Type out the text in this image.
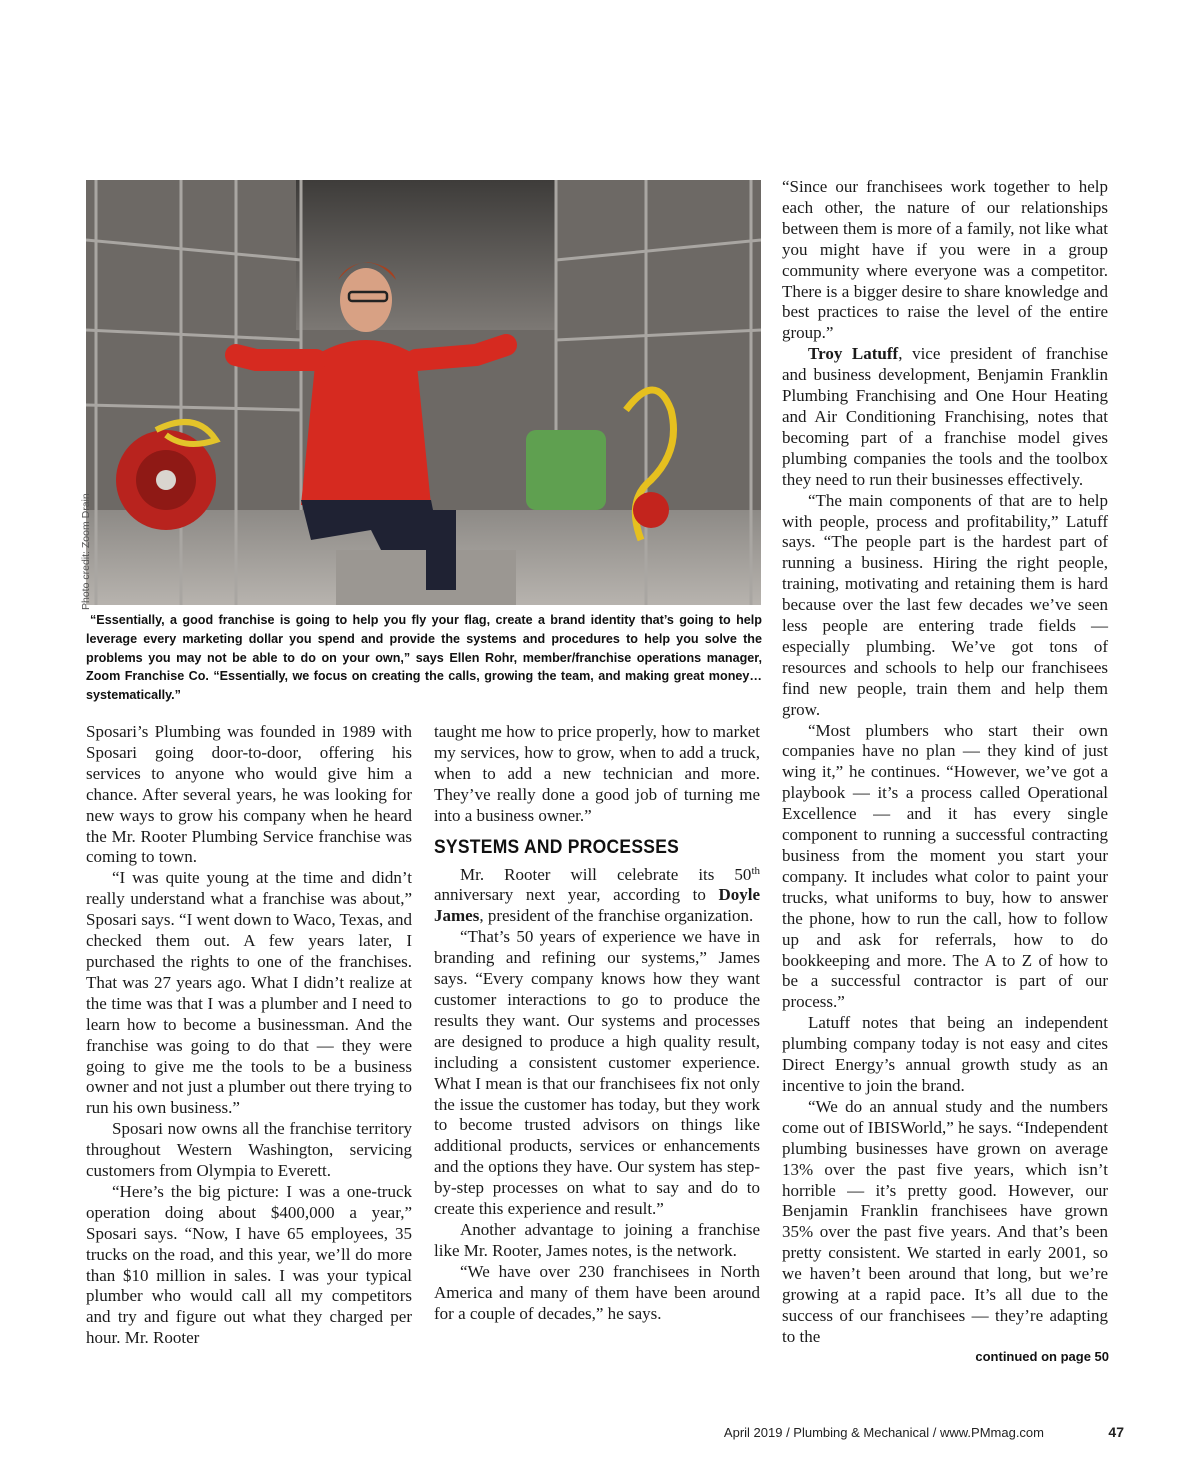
Photo credit: Zoom Drain
“Essentially, a good franchise is going to help you fly your flag, create a brand identity that’s going to help leverage every marketing dollar you spend and provide the systems and procedures to help you solve the problems you may not be able to do on your own,” says Ellen Rohr, member/franchise operations manager, Zoom Franchise Co. “Essentially, we focus on creating the calls, growing the team, and making great money… systematically.”

Sposari’s Plumbing was founded in 1989 with Sposari going door-to-door, offering his services to anyone who would give him a chance. After several years, he was looking for new ways to grow his company when he heard the Mr. Rooter Plumbing Service franchise was coming to town.

“I was quite young at the time and didn’t really understand what a franchise was about,” Sposari says. “I went down to Waco, Texas, and checked them out. A few years later, I purchased the rights to one of the franchises. That was 27 years ago. What I didn’t realize at the time was that I was a plumber and I need to learn how to become a businessman. And the franchise was going to do that — they were going to give me the tools to be a business owner and not just a plumber out there trying to run his own business.”

Sposari now owns all the franchise territory throughout Western Washington, servicing customers from Olympia to Everett.

“Here’s the big picture: I was a one-truck operation doing about $400,000 a year,” Sposari says. “Now, I have 65 employees, 35 trucks on the road, and this year, we’ll do more than $10 million in sales. I was your typical plumber who would call all my competitors and try and figure out what they charged per hour. Mr. Rooter

taught me how to price properly, how to market my services, how to grow, when to add a truck, when to add a new technician and more. They’ve really done a good job of turning me into a business owner.”

SYSTEMS AND PROCESSES

Mr. Rooter will celebrate its 50th anniversary next year, according to Doyle James, president of the franchise organization.

“That’s 50 years of experience we have in branding and refining our systems,” James says. “Every company knows how they want customer interactions to go to produce the results they want. Our systems and processes are designed to produce a high quality result, including a consistent customer experience. What I mean is that our franchisees fix not only the issue the customer has today, but they work to become trusted advisors on things like additional products, services or enhancements and the options they have. Our system has step-by-step processes on what to say and do to create this experience and result.”

Another advantage to joining a franchise like Mr. Rooter, James notes, is the network.

“We have over 230 franchisees in North America and many of them have been around for a couple of decades,” he says.

“Since our franchisees work together to help each other, the nature of our relationships between them is more of a family, not like what you might have if you were in a group community where everyone was a competitor. There is a bigger desire to share knowledge and best practices to raise the level of the entire group.”

Troy Latuff, vice president of franchise and business development, Benjamin Franklin Plumbing Franchising and One Hour Heating and Air Conditioning Franchising, notes that becoming part of a franchise model gives plumbing companies the tools and the toolbox they need to run their businesses effectively.

“The main components of that are to help with people, process and profitability,” Latuff says. “The people part is the hardest part of running a business. Hiring the right people, training, motivating and retaining them is hard because over the last few decades we’ve seen less people are entering trade fields — especially plumbing. We’ve got tons of resources and schools to help our franchisees find new people, train them and help them grow.

“Most plumbers who start their own companies have no plan — they kind of just wing it,” he continues. “However, we’ve got a playbook — it’s a process called Operational Excellence — and it has every single component to running a successful contracting business from the moment you start your company. It includes what color to paint your trucks, what uniforms to buy, how to answer the phone, how to run the call, how to follow up and ask for referrals, how to do bookkeeping and more. The A to Z of how to be a successful contractor is part of our process.”

Latuff notes that being an independent plumbing company today is not easy and cites Direct Energy’s annual growth study as an incentive to join the brand.

“We do an annual study and the numbers come out of IBISWorld,” he says. “Independent plumbing businesses have grown on average 13% over the past five years, which isn’t horrible — it’s pretty good. However, our Benjamin Franklin franchisees have grown 35% over the past five years. And that’s been pretty consistent. We started in early 2001, so we haven’t been around that long, but we’re growing at a rapid pace. It’s all due to the success of our franchisees — they’re adapting to the

continued on page 50
April 2019 / Plumbing & Mechanical / www.PMmag.com	47
